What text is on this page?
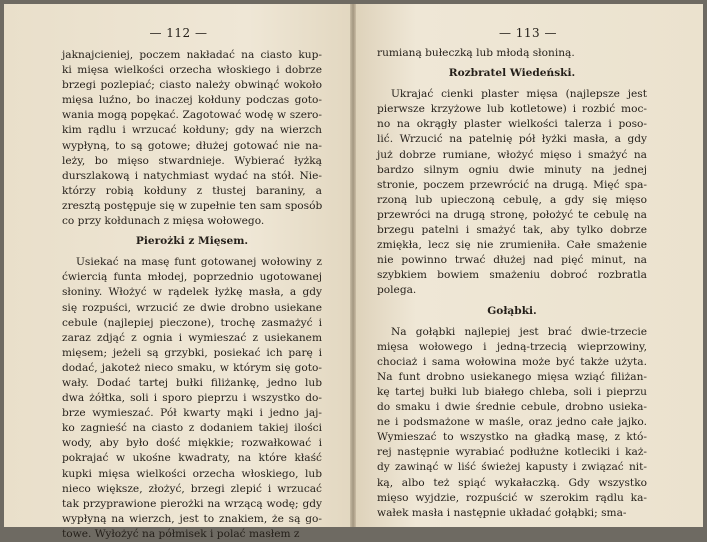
— 112 —
jaknajcieniej, poczem nakładać na ciasto kup-
ki mięsa wielkości orzecha włoskiego i dobrze
brzegi pozlepiać; ciasto należy obwinąć wokoło
mięsa luźno, bo inaczej kołduny podczas goto-
wania mogą popękać. Zagotować wodę w szero-
kim rądlu i wrzucać kołduny; gdy na wierzch
wypłyną, to są gotowe; dłużej gotować nie na-
leży, bo mięso stwardnieje. Wybierać łyżką
durszlakową i natychmiast wydać na stół. Nie-
którzy robią kołduny z tłustej baraniny, a
zresztą postępuje się w zupełnie ten sam sposób
co przy kołdunach z mięsa wołowego.
Pierożki z Mięsem.
Usiekać na masę funt gotowanej wołowiny z
ćwiercią funta młodej, poprzednio ugotowanej
słoniny. Włożyć w rądelek łyżkę masła, a gdy
się rozpuści, wrzucić ze dwie drobno usiekane
cebule (najlepiej pieczone), trochę zasmażyć i
zaraz zdjąć z ognia i wymieszać z usiekanem
mięsem; jeżeli są grzybki, posiekać ich parę i
dodać, jakoteż nieco smaku, w którym się goto-
wały. Dodać tartej bułki filiżankę, jedno lub
dwa żółtka, soli i sporo pieprzu i wszystko do-
brze wymieszać. Pół kwarty mąki i jedno jaj-
ko zagnieść na ciasto z dodaniem takiej ilości
wody, aby było dość miękkie; rozwałkować i
pokrajać w ukośne kwadraty, na które kłaść
kupki mięsa wielkości orzecha włoskiego, lub
nieco większe, złożyć, brzegi zlepić i wrzucać
tak przyprawione pierożki na wrzącą wodę; gdy
wypłyną na wierzch, jest to znakiem, że są go-
towe. Wyłożyć na półmisek i polać masłem z
— 113 —
rumianą bułeczką lub młodą słoniną.
Rozbratel Wiedeński.
Ukrajać cienki plaster mięsa (najlepsze jest
pierwsze krzyżowe lub kotletowe) i rozbić moc-
no na okrągły plaster wielkości talerza i poso-
lić. Wrzucić na patelnię pół łyżki masła, a gdy
już dobrze rumiane, włożyć mięso i smażyć na
bardzo silnym ogniu dwie minuty na jednej
stronie, poczem przewrócić na drugą. Mięć spa-
rzoną lub upieczoną cebulę, a gdy się mięso
przewróci na drugą stronę, położyć te cebulę na
brzegu patelni i smażyć tak, aby tylko dobrze
zmiękła, lecz się nie zrumieniła. Całe smażenie
nie powinno trwać dłużej nad pięć minut, na
szybkiem bowiem smażeniu dobroć rozbratla
polega.
Gołąbki.
Na gołąbki najlepiej jest brać dwie-trzecie
mięsa wołowego i jedną-trzecią wieprzowiny,
chociaż i sama wołowina może być także użyta.
Na funt drobno usiekanego mięsa wziąć filiżan-
kę tartej bułki lub białego chleba, soli i pieprzu
do smaku i dwie średnie cebule, drobno usieka-
ne i podsmażone w maśle, oraz jedno całe jajko.
Wymieszać to wszystko na gładką masę, z któ-
rej następnie wyrabiać podłużne kotleciki i każ-
dy zawinąć w liść świeżej kapusty i związać nit-
ką, albo też spiąć wykałaczką. Gdy wszystko
mięso wyjdzie, rozpuścić w szerokim rądlu ka-
wałek masła i następnie układać gołąbki; sma-
